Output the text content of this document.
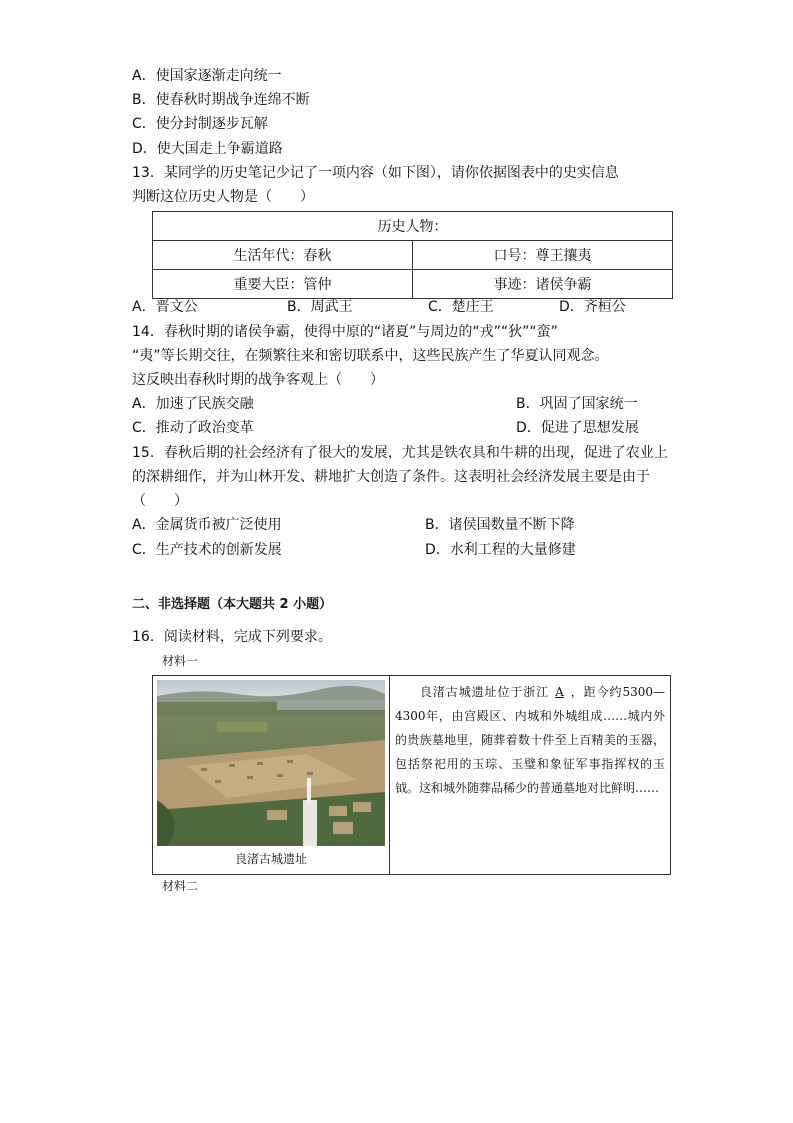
A．使国家逐渐走向统一
B．使春秋时期战争连绵不断
C．使分封制逐步瓦解
D．使大国走上争霸道路
13．某同学的历史笔记少记了一项内容（如下图），请你依据图表中的史实信息
判断这位历史人物是（　　）
历史人物：	
生活年代：春秋	口号：尊王攘夷
重要大臣：管仲	事迹：诸侯争霸
A．晋文公	B．周武王	C．楚庄王	D．齐桓公
14．春秋时期的诸侯争霸，使得中原的“诸夏”与周边的“戎”“狄”“蛮”
“夷”等长期交往，在频繁往来和密切联系中，这些民族产生了华夏认同观念。
这反映出春秋时期的战争客观上（　　）
A．加速了民族交融	B．巩固了国家统一
C．推动了政治变革	D．促进了思想发展
15．春秋后期的社会经济有了很大的发展，尤其是铁农具和牛耕的出现，促进了农业上的深耕细作，并为山林开发、耕地扩大创造了条件。这表明社会经济发展主要是由于（　　）
A．金属货币被广泛使用	B．诸侯国数量不断下降
C．生产技术的创新发展	D．水利工程的大量修建
二、非选择题（本大题共 2 小题）
16．阅读材料，完成下列要求。
材料一
良渚古城遗址
良渚古城遗址位于浙江 A ，距今约5300—4300年，由宫殿区、内城和外城组成……城内外的贵族墓地里，随葬着数十件至上百精美的玉器，包括祭祀用的玉琮、玉璧和象征军事指挥权的玉钺。这和城外随葬品稀少的普通墓地对比鲜明……
材料二
